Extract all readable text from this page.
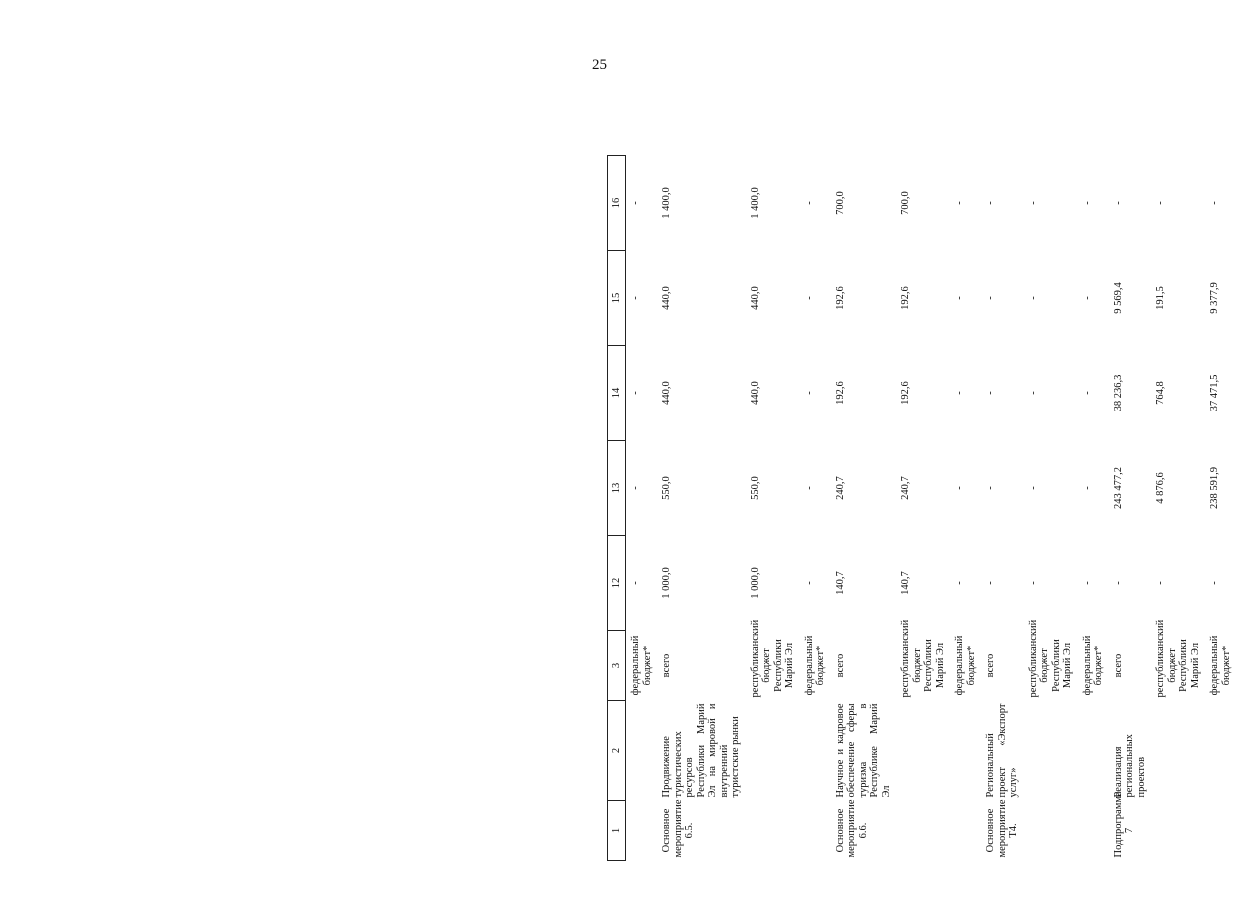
25
1	2	3	12	13	14	15	16
		федеральный бюджет*	-	-	-	-	-
Основное мероприятие 6.5.	Продвижение туристических ресурсов Республики Марий Эл на мировой и внутренний туристские рынки	всего	1 000,0	550,0	440,0	440,0	1 400,0
		республиканский бюджет Республики Марий Эл	1 000,0	550,0	440,0	440,0	1 400,0
		федеральный бюджет*	-	-	-	-	-
Основное мероприятие 6.6.	Научное и кадровое обеспечение сферы туризма в Республике Марий Эл	всего	140,7	240,7	192,6	192,6	700,0
		республиканский бюджет Республики Марий Эл	140,7	240,7	192,6	192,6	700,0
		федеральный бюджет*	-	-	-	-	-
Основное мероприятие Т4.	Региональный проект «Экспорт услуг»	всего	-	-	-	-	-
		республиканский бюджет Республики Марий Эл	-	-	-	-	-
		федеральный бюджет*	-	-	-	-	-
Подпрограмма 7	Реализация региональных проектов	всего	-	243 477,2	38 236,3	9 569,4	-
		республиканский бюджет Республики Марий Эл	-	4 876,6	764,8	191,5	-
		федеральный бюджет*	-	238 591,9	37 471,5	9 377,9	-
